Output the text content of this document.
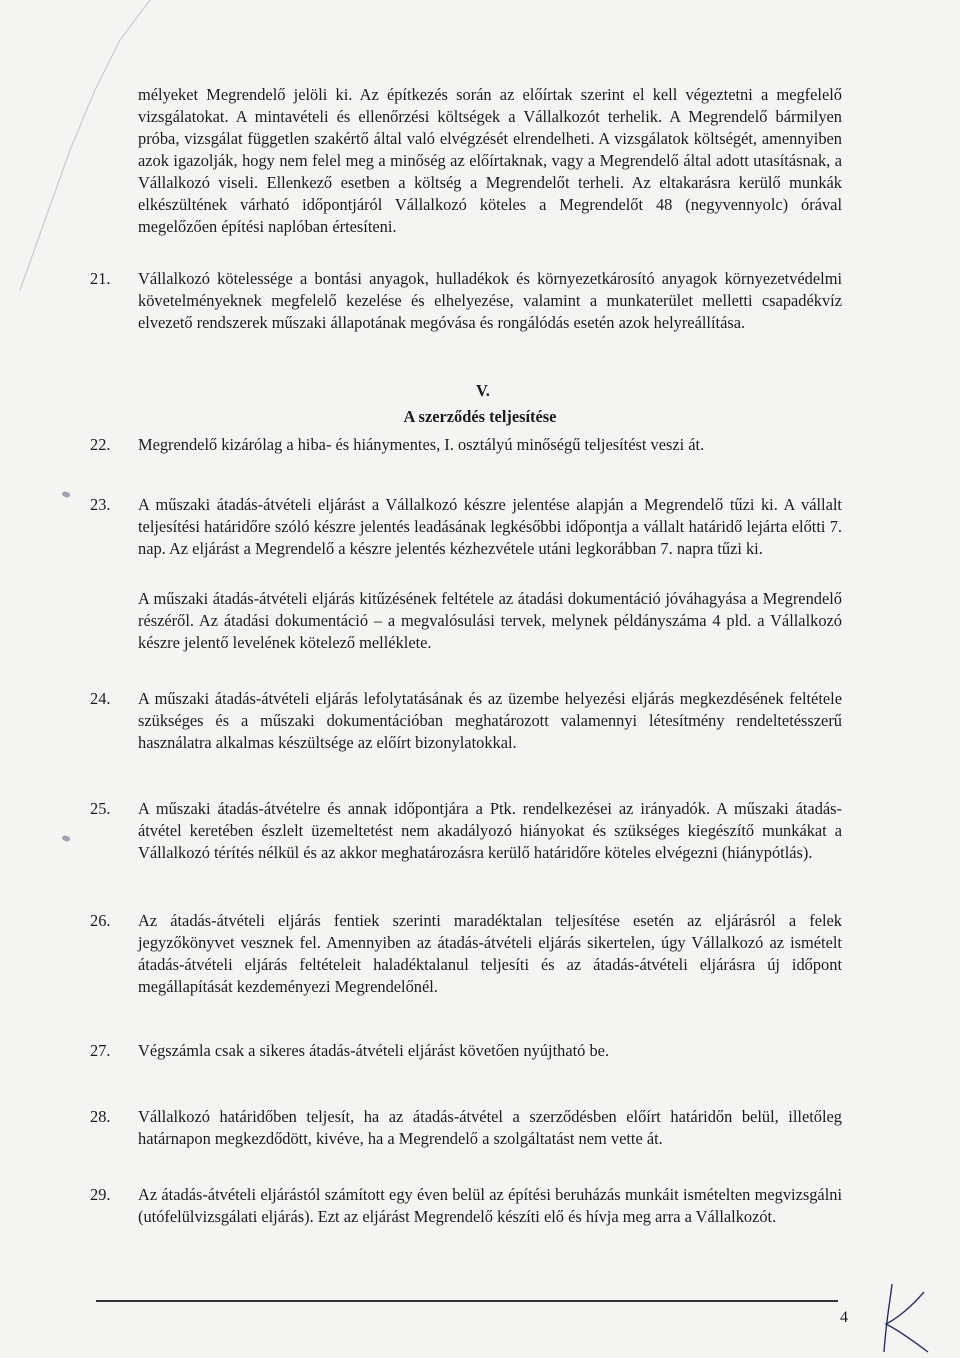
mélyeket Megrendelő jelöli ki. Az építkezés során az előírtak szerint el kell végeztetni a megfelelő vizsgálatokat. A mintavételi és ellenőrzési költségek a Vállalkozót terhelik. A Megrendelő bármilyen próba, vizsgálat független szakértő által való elvégzését elrendelheti. A vizsgálatok költségét, amennyiben azok igazolják, hogy nem felel meg a minőség az előírtaknak, vagy a Megrendelő által adott utasításnak, a Vállalkozó viseli. Ellenkező esetben a költség a Megrendelőt terheli. Az eltakarásra kerülő munkák elkészültének várható időpontjáról Vállalkozó köteles a Megrendelőt 48 (negyvennyolc) órával megelőzően építési naplóban értesíteni.

21. Vállalkozó kötelessége a bontási anyagok, hulladékok és környezetkárosító anyagok környezetvédelmi követelményeknek megfelelő kezelése és elhelyezése, valamint a munkaterület melletti csapadékvíz elvezető rendszerek műszaki állapotának megóvása és rongálódás esetén azok helyreállítása.

V.
A szerződés teljesítése
22. Megrendelő kizárólag a hiba- és hiánymentes, I. osztályú minőségű teljesítést veszi át.

23. A műszaki átadás-átvételi eljárást a Vállalkozó készre jelentése alapján a Megrendelő tűzi ki. A vállalt teljesítési határidőre szóló készre jelentés leadásának legkésőbbi időpontja a vállalt határidő lejárta előtti 7. nap. Az eljárást a Megrendelő a készre jelentés kézhezvétele utáni legkorábban 7. napra tűzi ki.

A műszaki átadás-átvételi eljárás kitűzésének feltétele az átadási dokumentáció jóváhagyása a Megrendelő részéről. Az átadási dokumentáció – a megvalósulási tervek, melynek példányszáma 4 pld. a Vállalkozó készre jelentő levelének kötelező melléklete.

24. A műszaki átadás-átvételi eljárás lefolytatásának és az üzembe helyezési eljárás megkezdésének feltétele szükséges és a műszaki dokumentációban meghatározott valamennyi létesítmény rendeltetésszerű használatra alkalmas készültsége az előírt bizonylatokkal.

25. A műszaki átadás-átvételre és annak időpontjára a Ptk. rendelkezései az irányadók. A műszaki átadás-átvétel keretében észlelt üzemeltetést nem akadályozó hiányokat és szükséges kiegészítő munkákat a Vállalkozó térítés nélkül és az akkor meghatározásra kerülő határidőre köteles elvégezni (hiánypótlás).

26. Az átadás-átvételi eljárás fentiek szerinti maradéktalan teljesítése esetén az eljárásról a felek jegyzőkönyvet vesznek fel. Amennyiben az átadás-átvételi eljárás sikertelen, úgy Vállalkozó az ismételt átadás-átvételi eljárás feltételeit haladéktalanul teljesíti és az átadás-átvételi eljárásra új időpont megállapítását kezdeményezi Megrendelőnél.

27. Végszámla csak a sikeres átadás-átvételi eljárást követően nyújtható be.

28. Vállalkozó határidőben teljesít, ha az átadás-átvétel a szerződésben előírt határidőn belül, illetőleg határnapon megkezdődött, kivéve, ha a Megrendelő a szolgáltatást nem vette át.

29. Az átadás-átvételi eljárástól számított egy éven belül az építési beruházás munkáit ismételten megvizsgálni (utófelülvizsgálati eljárás). Ezt az eljárást Megrendelő készíti elő és hívja meg arra a Vállalkozót.

4
